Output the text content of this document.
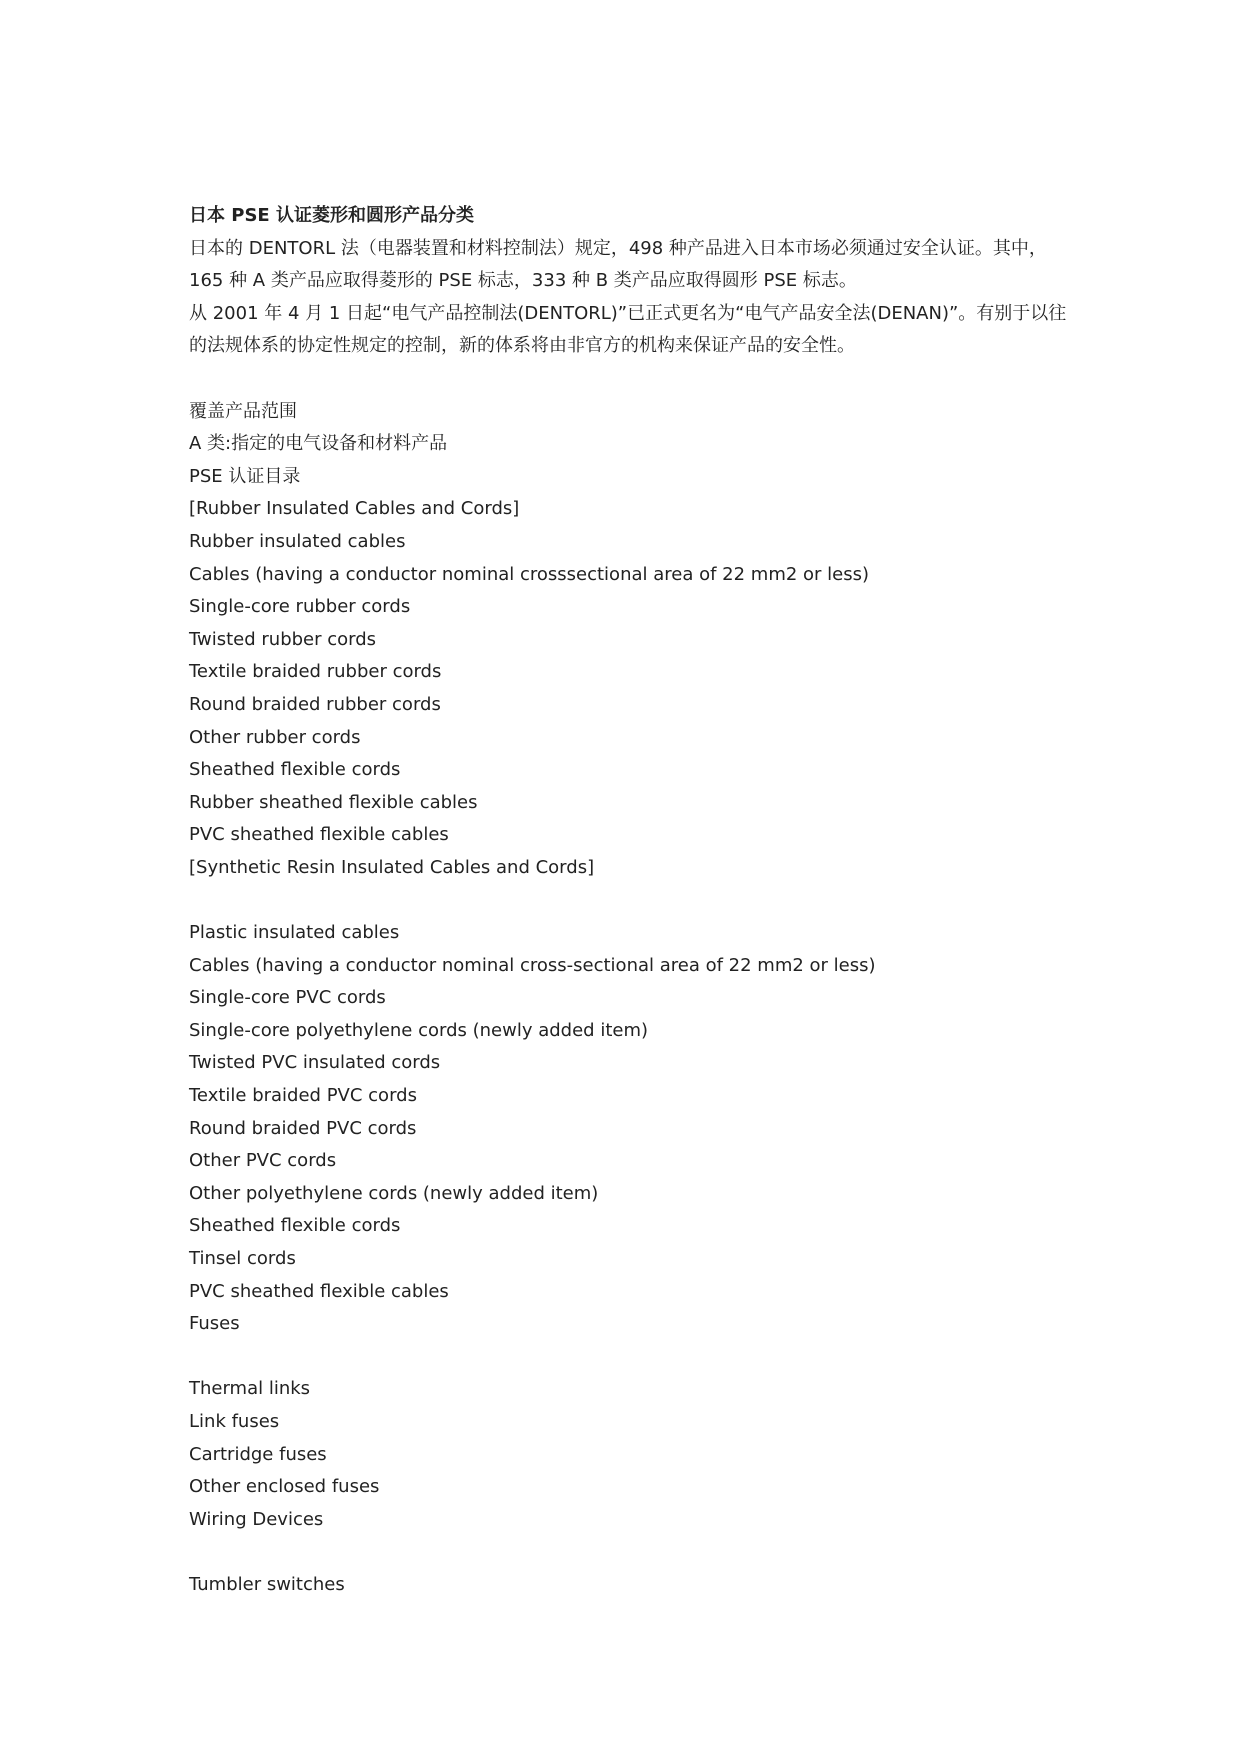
日本 PSE 认证菱形和圆形产品分类
日本的 DENTORL 法（电器装置和材料控制法）规定，498 种产品进入日本市场必须通过安全认证。其中，165 种 A 类产品应取得菱形的 PSE 标志，333 种 B 类产品应取得圆形 PSE 标志。
从 2001 年 4 月 1 日起“电气产品控制法(DENTORL)”已正式更名为“电气产品安全法(DENAN)”。有别于以往的法规体系的协定性规定的控制，新的体系将由非官方的机构来保证产品的安全性。
覆盖产品范围
A 类:指定的电气设备和材料产品
PSE 认证目录
[Rubber Insulated Cables and Cords]
Rubber insulated cables
Cables (having a conductor nominal crosssectional area of 22 mm2 or less)
Single-core rubber cords
Twisted rubber cords
Textile braided rubber cords
Round braided rubber cords
Other rubber cords
Sheathed flexible cords
Rubber sheathed flexible cables
PVC sheathed flexible cables
[Synthetic Resin Insulated Cables and Cords]
Plastic insulated cables
Cables (having a conductor nominal cross-sectional area of 22 mm2 or less)
Single-core PVC cords
Single-core polyethylene cords (newly added item)
Twisted PVC insulated cords
Textile braided PVC cords
Round braided PVC cords
Other PVC cords
Other polyethylene cords (newly added item)
Sheathed flexible cords
Tinsel cords
PVC sheathed flexible cables
Fuses
Thermal links
Link fuses
Cartridge fuses
Other enclosed fuses
Wiring Devices
Tumbler switches
